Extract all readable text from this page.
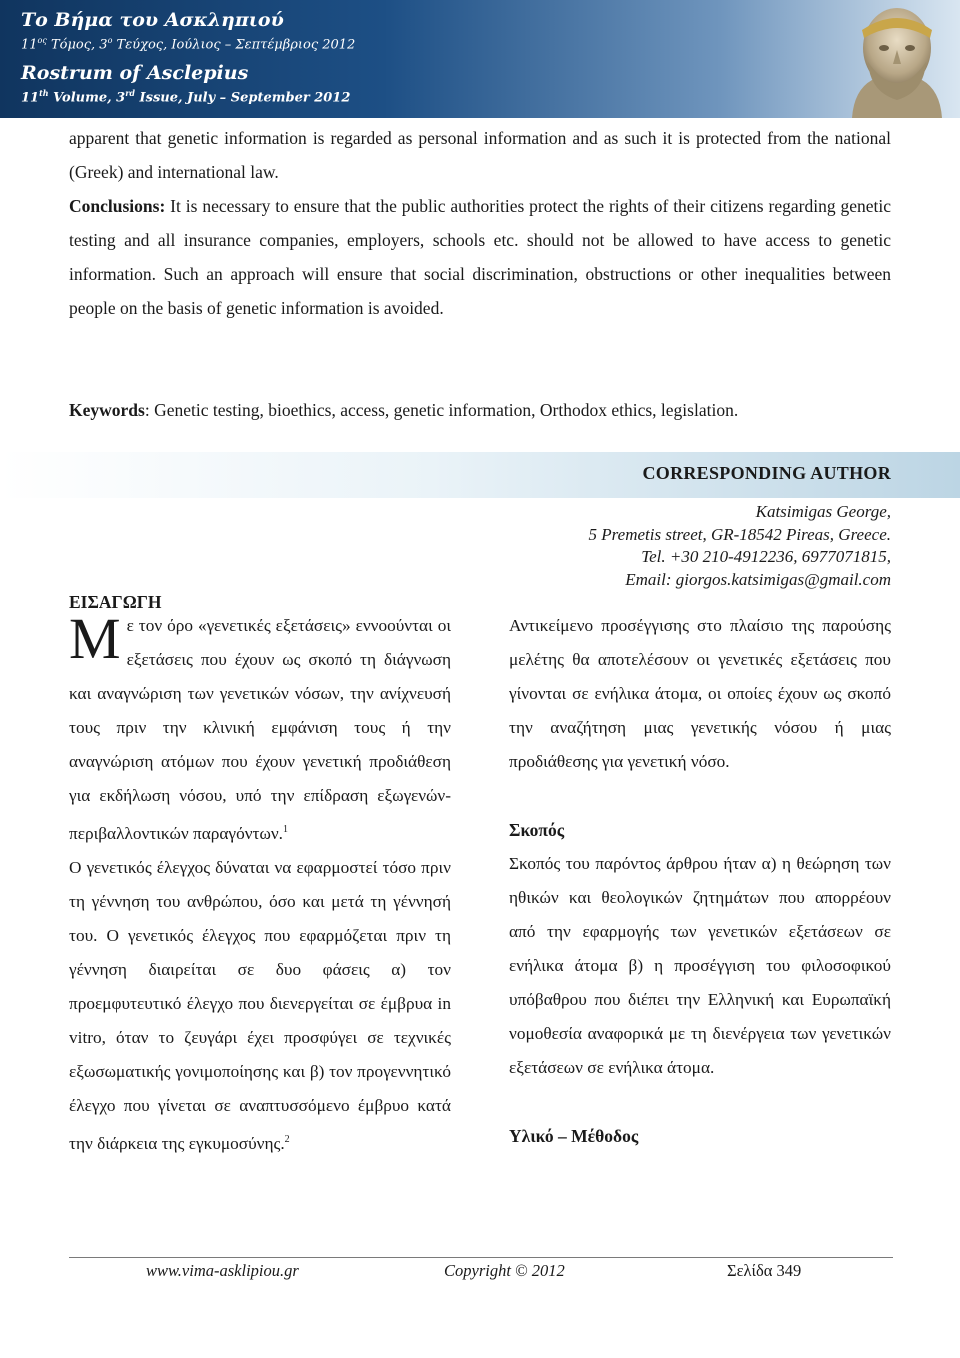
Το Βήμα του Ασκληπιού
$11^{o\varsigma}$ Τόμος, $3^o$ Τεύχος, Ιούλιος – Σεπτέμβριος 2012
Rostrum of Asclepius
11th Volume, 3rd Issue, July – September 2012

apparent that genetic information is regarded as personal information and as such it is protected from the national (Greek) and international law.

Conclusions: It is necessary to ensure that the public authorities protect the rights of their citizens regarding genetic testing and all insurance companies, employers, schools etc. should not be allowed to have access to genetic information. Such an approach will ensure that social discrimination, obstructions or other inequalities between people on the basis of genetic information is avoided.

Keywords: Genetic testing, bioethics, access, genetic information, Orthodox ethics, legislation.
CORRESPONDING AUTHOR
Katsimigas George,
5 Premetis street, GR-18542 Pireas, Greece.
Tel. +30 210-4912236, 6977071815,
Email: giorgos.katsimigas@gmail.com
ΕΙΣΑΓΩΓΗ

Με τον όρο «γενετικές εξετάσεις» εννοούνται οι εξετάσεις που έχουν ως σκοπό τη διάγνωση και αναγνώριση των γενετικών νόσων, την ανίχνευσή τους πριν την κλινική εμφάνιση τους ή την αναγνώριση ατόμων που έχουν γενετική προδιάθεση για εκδήλωση νόσου, υπό την επίδραση εξωγενών- περιβαλλοντικών παραγόντων.$^1$

Ο γενετικός έλεγχος δύναται να εφαρμοστεί τόσο πριν τη γέννηση του ανθρώπου, όσο και μετά τη γέννησή του. Ο γενετικός έλεγχος που εφαρμόζεται πριν τη γέννηση διαιρείται σε δυο φάσεις α) τον προεμφυτευτικό έλεγχο που διενεργείται σε έμβρυα in vitro, όταν το ζευγάρι έχει προσφύγει σε τεχνικές εξωσωματικής γονιμοποίησης και β) τον προγεννητικό έλεγχο που γίνεται σε αναπτυσσόμενο έμβρυο κατά την διάρκεια της εγκυμοσύνης.$^2$

Αντικείμενο προσέγγισης στο πλαίσιο της παρούσης μελέτης θα αποτελέσουν οι γενετικές εξετάσεις που γίνονται σε ενήλικα άτομα, οι οποίες έχουν ως σκοπό την αναζήτηση μιας γενετικής νόσου ή μιας προδιάθεσης για γενετική νόσο.

Σκοπός

Σκοπός του παρόντος άρθρου ήταν α) η θεώρηση των ηθικών και θεολογικών ζητημάτων που απορρέουν από την εφαρμογής των γενετικών εξετάσεων σε ενήλικα άτομα β) η προσέγγιση του φιλοσοφικού υπόβαθρου που διέπει την Ελληνική και Ευρωπαϊκή νομοθεσία αναφορικά με τη διενέργεια των γενετικών εξετάσεων σε ενήλικα άτομα.

Υλικό – Μέθοδος
www.vima-asklipiou.gr	Copyright © 2012	Σελίδα 349
